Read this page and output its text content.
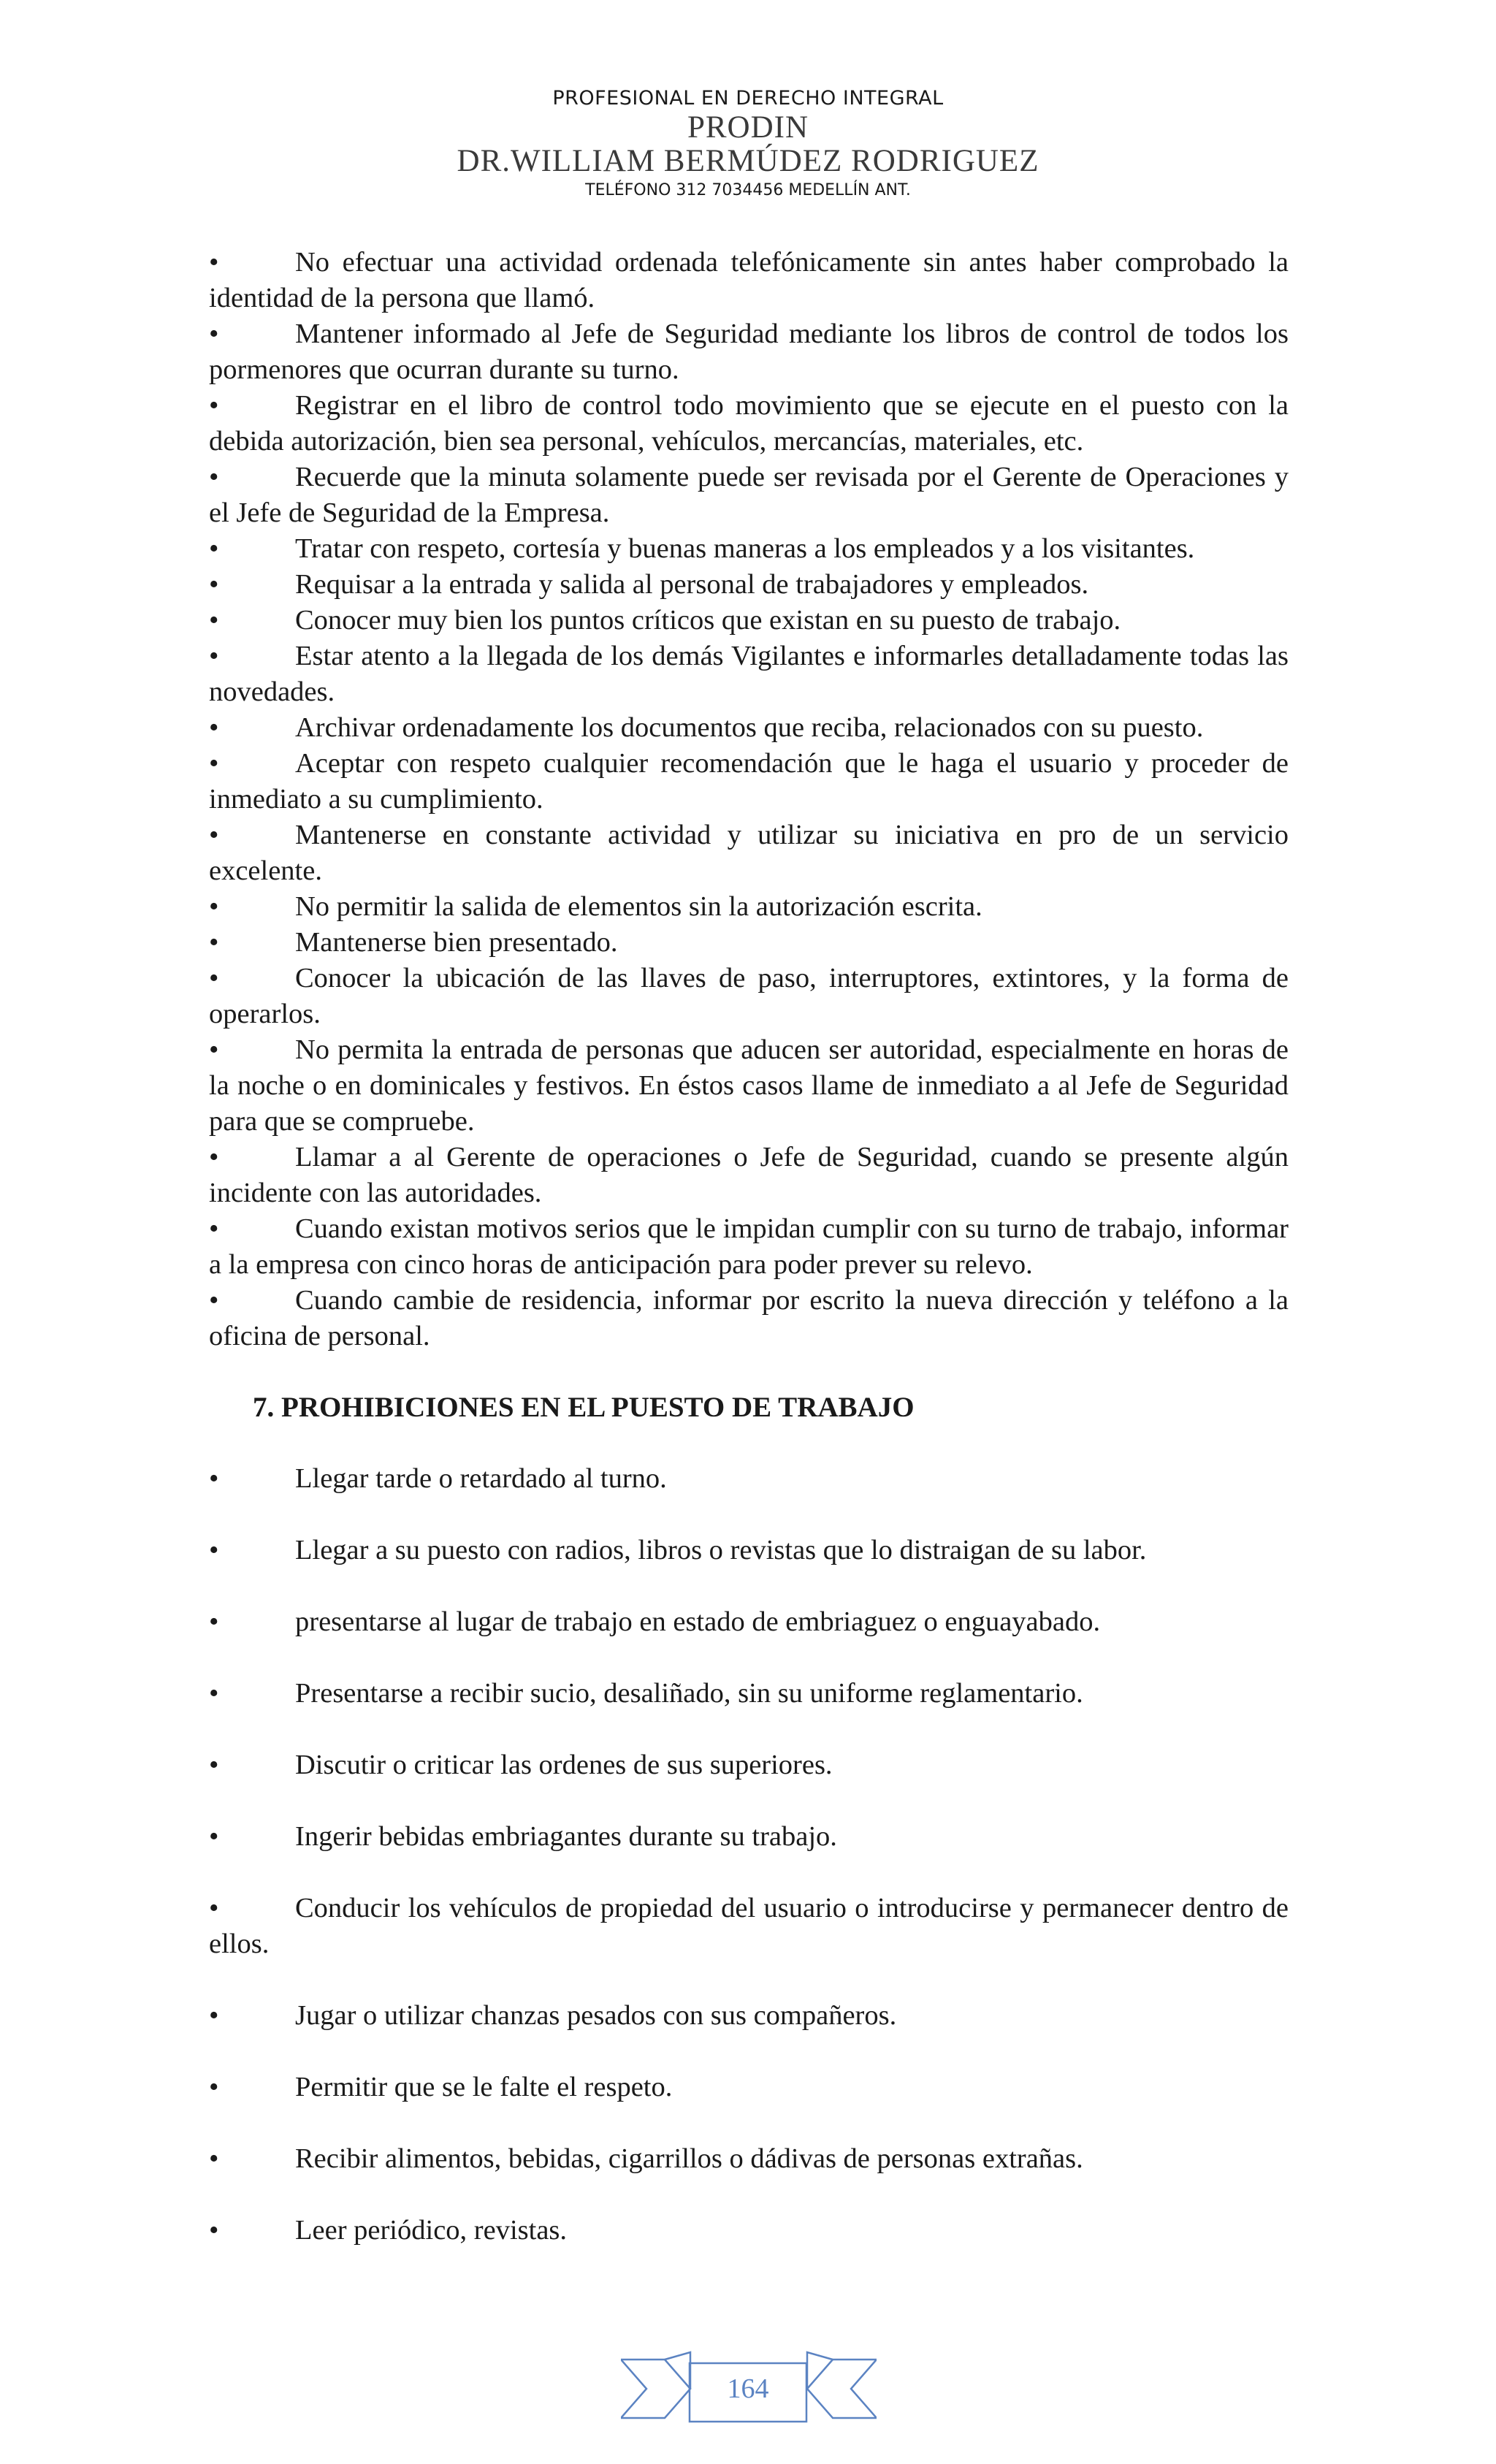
PROFESIONAL EN DERECHO INTEGRAL
PRODIN
DR.WILLIAM BERMÚDEZ RODRIGUEZ
TELÉFONO 312 7034456 MEDELLÍN ANT.

•	No efectuar una actividad ordenada telefónicamente sin antes haber comprobado la identidad de la persona que llamó.

•	Mantener informado al Jefe de Seguridad mediante los libros de control de todos los pormenores que ocurran durante su turno.

•	Registrar en el libro de control todo movimiento que se ejecute en el puesto con la debida autorización, bien sea personal, vehículos, mercancías, materiales, etc.

•	Recuerde que la minuta solamente puede ser revisada por el Gerente de Operaciones y el Jefe de Seguridad de la Empresa.

•	Tratar con respeto, cortesía y buenas maneras a los empleados y a los visitantes.

•	Requisar a la entrada y salida al personal de trabajadores y empleados.

•	Conocer muy bien los puntos críticos que existan en su puesto de trabajo.

•	Estar atento a la llegada de los demás Vigilantes e informarles detalladamente todas las novedades.

•	Archivar ordenadamente los documentos que reciba, relacionados con su puesto.

•	Aceptar con respeto cualquier recomendación que le haga el usuario y proceder de inmediato a su cumplimiento.

•	Mantenerse en constante actividad y utilizar su iniciativa en pro de un servicio excelente.

•	No permitir la salida de elementos sin la autorización escrita.

•	Mantenerse bien presentado.

•	Conocer la ubicación de las llaves de paso, interruptores, extintores, y la forma de operarlos.

•	No permita la entrada de personas que aducen ser autoridad, especialmente en horas de la noche o en dominicales y festivos. En éstos casos llame de inmediato a al Jefe de Seguridad para que se compruebe.

•	Llamar a al Gerente de operaciones o Jefe de Seguridad, cuando se presente algún incidente con las autoridades.

•	Cuando existan motivos serios que le impidan cumplir con su turno de trabajo, informar a la empresa con cinco horas de anticipación para poder prever su relevo.

•	Cuando cambie de residencia, informar por escrito la nueva dirección y teléfono a la oficina de personal.

7. PROHIBICIONES EN EL PUESTO DE TRABAJO

•	Llegar tarde o retardado al turno.

•	Llegar a su puesto con radios, libros o revistas que lo distraigan de su labor.

•	presentarse al lugar de trabajo en estado de embriaguez o enguayabado.

•	Presentarse a recibir sucio, desaliñado, sin su uniforme reglamentario.

•	Discutir o criticar las ordenes de sus superiores.

•	Ingerir bebidas embriagantes durante su trabajo.

•	Conducir los vehículos de propiedad del usuario o introducirse y permanecer dentro de ellos.

•	Jugar o utilizar chanzas pesados con sus compañeros.

•	Permitir que se le falte el respeto.

•	Recibir alimentos, bebidas, cigarrillos o dádivas de personas extrañas.

•	Leer periódico, revistas.

164
